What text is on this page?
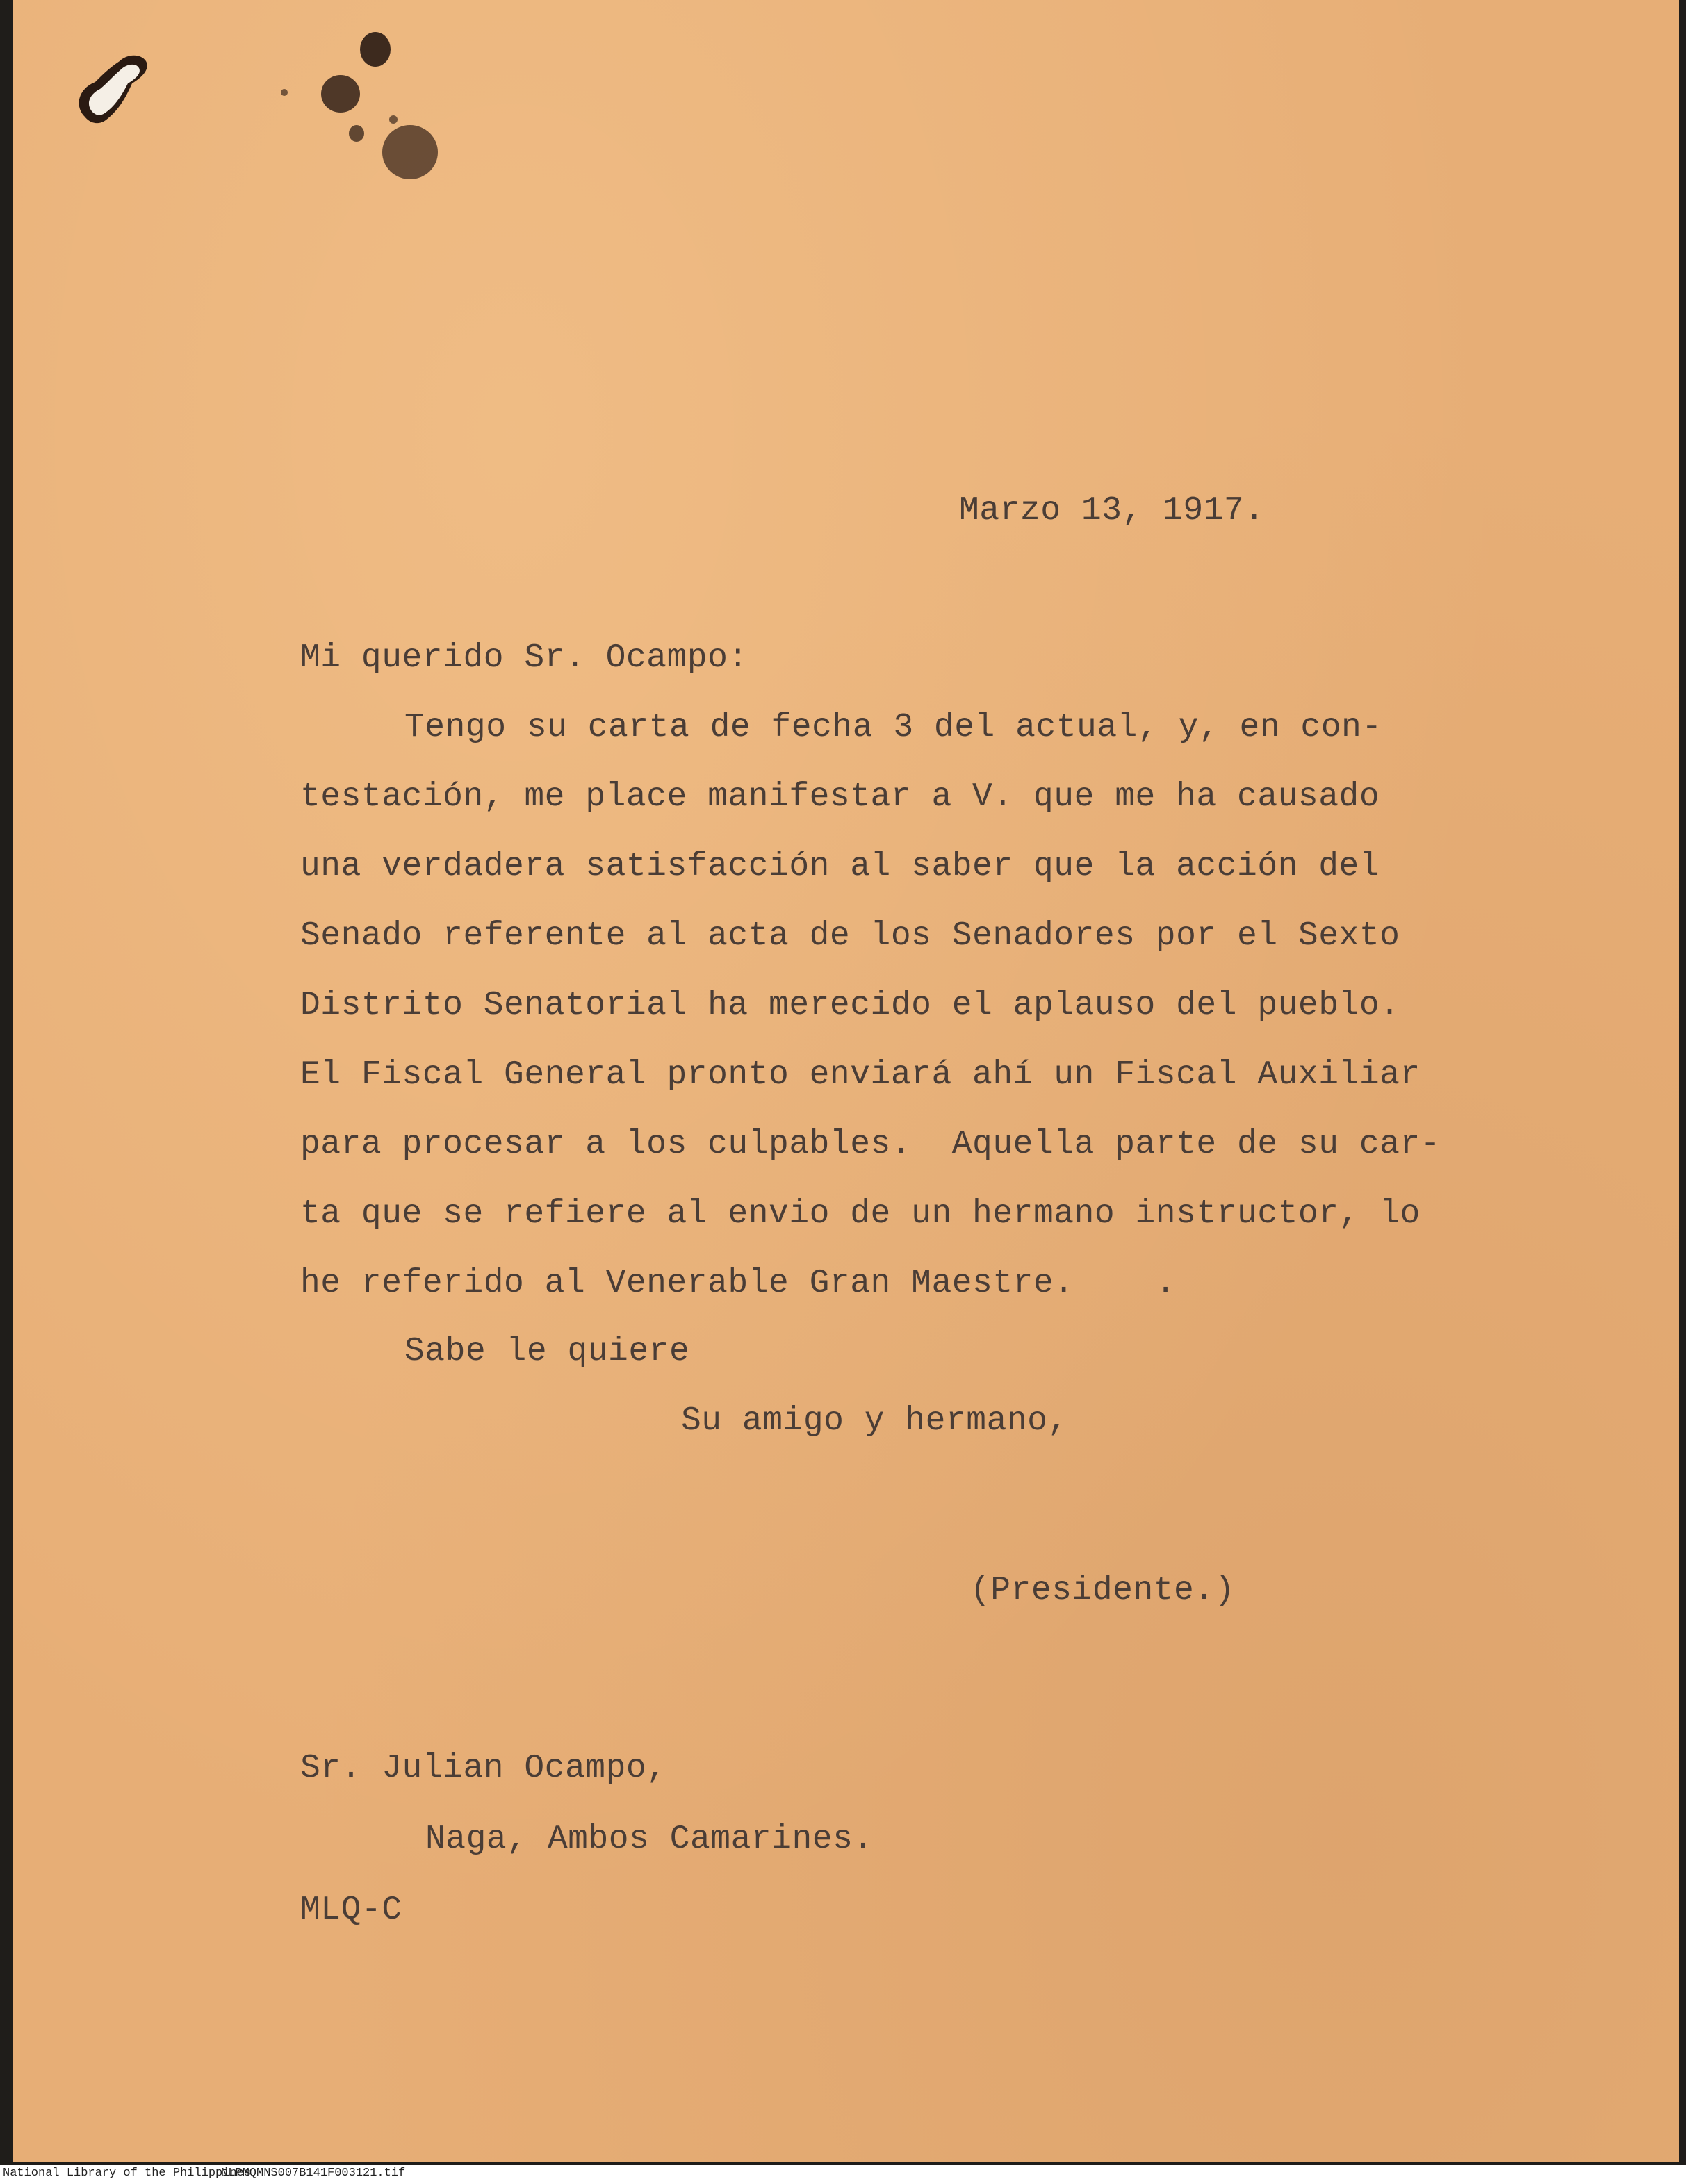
Marzo 13, 1917.
Mi querido Sr. Ocampo:
Tengo su carta de fecha 3 del actual, y, en con-
testación, me place manifestar a V. que me ha causado
una verdadera satisfacción al saber que la acción del
Senado referente al acta de los Senadores por el Sexto
Distrito Senatorial ha merecido el aplauso del pueblo.
El Fiscal General pronto enviará ahí un Fiscal Auxiliar
para procesar a los culpables.  Aquella parte de su car-
ta que se refiere al envio de un hermano instructor, lo
he referido al Venerable Gran Maestre.    .
Sabe le quiere
Su amigo y hermano,
(Presidente.)
Sr. Julian Ocampo,
Naga, Ambos Camarines.
MLQ-C
National Library of the Philippines
NLPMQMNS007B141F003121.tif
